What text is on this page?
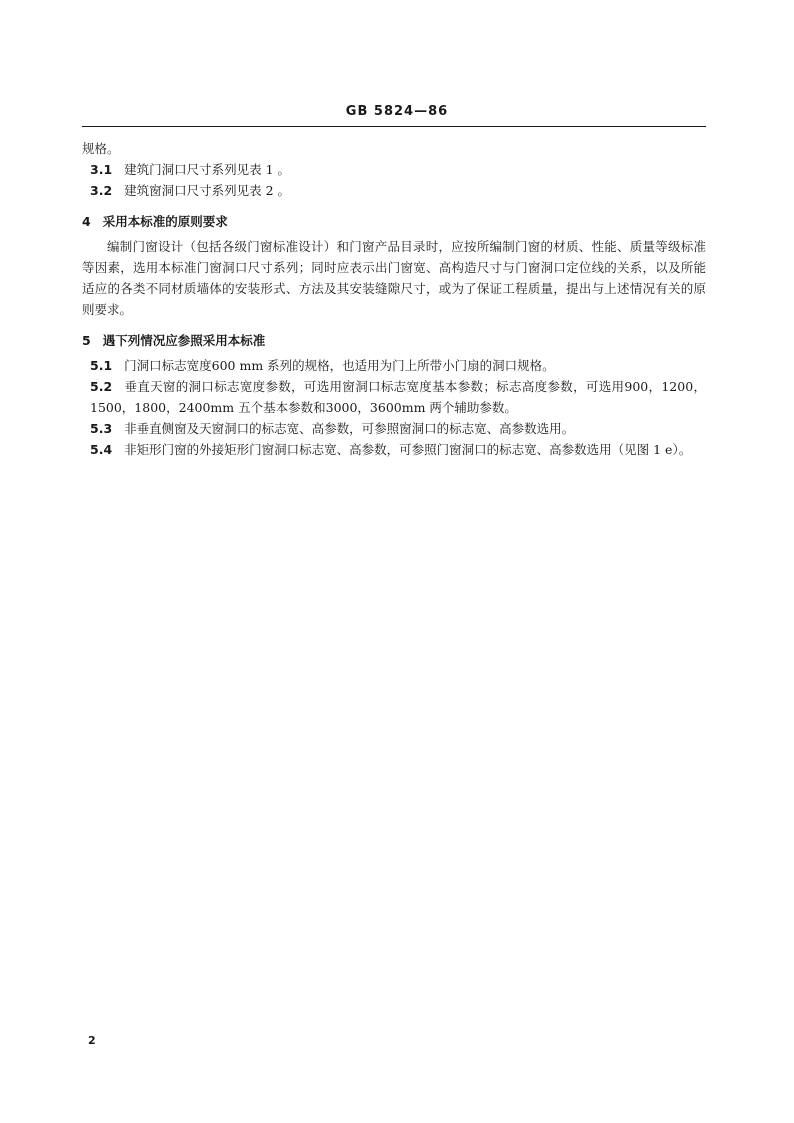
GB 5824—86

规格。

3.1 建筑门洞口尺寸系列见表 1 。

3.2 建筑窗洞口尺寸系列见表 2 。

4 采用本标准的原则要求

编制门窗设计（包括各级门窗标准设计）和门窗产品目录时，应按所编制门窗的材质、性能、质量等级标准等因素，选用本标准门窗洞口尺寸系列；同时应表示出门窗宽、高构造尺寸与门窗洞口定位线的关系，以及所能适应的各类不同材质墙体的安装形式、方法及其安装缝隙尺寸，或为了保证工程质量，提出与上述情况有关的原则要求。

5 遇下列情况应参照采用本标准

5.1 门洞口标志宽度600 mm 系列的规格，也适用为门上所带小门扇的洞口规格。

5.2 垂直天窗的洞口标志宽度参数，可选用窗洞口标志宽度基本参数；标志高度参数，可选用900，1200，1500，1800，2400mm 五个基本参数和3000，3600mm 两个辅助参数。

5.3 非垂直侧窗及天窗洞口的标志宽、高参数，可参照窗洞口的标志宽、高参数选用。

5.4 非矩形门窗的外接矩形门窗洞口标志宽、高参数，可参照门窗洞口的标志宽、高参数选用（见图 1 e）。

2
